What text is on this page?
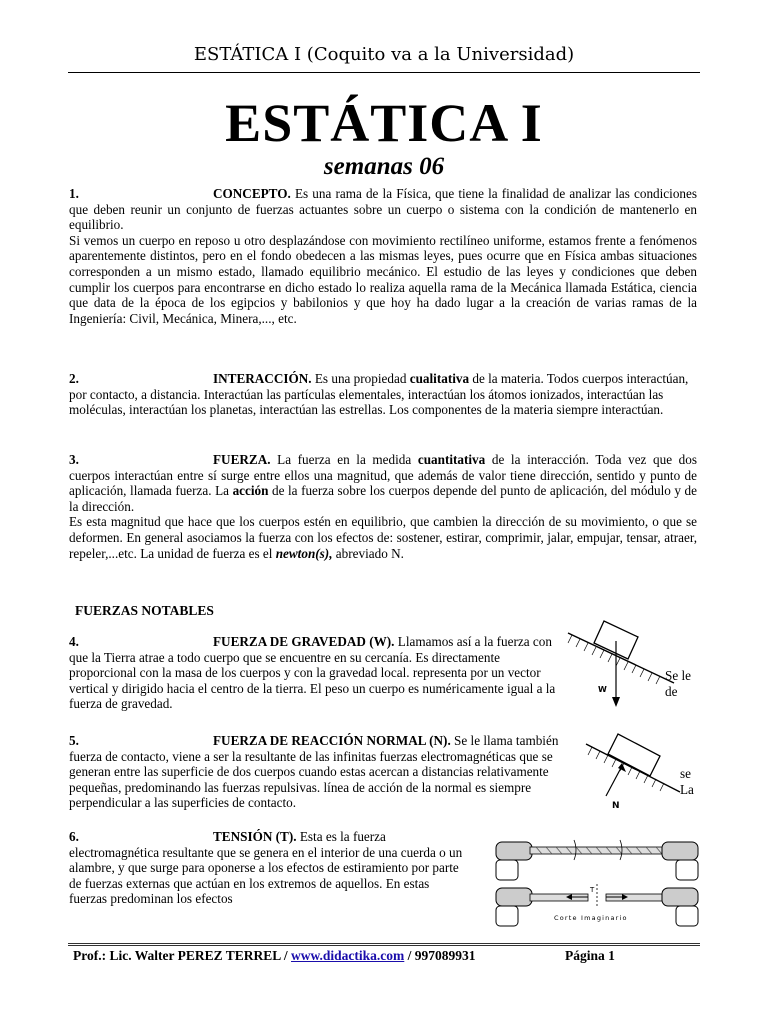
ESTÁTICA I (Coquito va a la Universidad)
ESTÁTICA I
semanas 06

1.	CONCEPTO. Es una rama de la Física, que tiene la finalidad de analizar las condiciones que deben reunir un conjunto de fuerzas actuantes sobre un cuerpo o sistema con la condición de mantenerlo en equilibrio.

Si vemos un cuerpo en reposo u otro desplazándose con movimiento rectilíneo uniforme, estamos frente a fenómenos aparentemente distintos, pero en el fondo obedecen a las mismas leyes, pues ocurre que en Física ambas situaciones corresponden a un mismo estado, llamado equilibrio mecánico. El estudio de las leyes y condiciones que deben cumplir los cuerpos para encontrarse en dicho estado lo realiza aquella rama de la Mecánica llamada Estática, ciencia que data de la época de los egipcios y babilonios y que hoy ha dado lugar a la creación de varias ramas de la Ingeniería: Civil, Mecánica, Minera,..., etc.

2.	INTERACCIÓN. Es una propiedad cualitativa de la materia. Todos cuerpos interactúan, por contacto, a distancia. Interactúan las partículas elementales, interactúan los átomos ionizados, interactúan las moléculas, interactúan los planetas, interactúan las estrellas. Los componentes de la materia siempre interactúan.

3.	FUERZA. La fuerza en la medida cuantitativa de la interacción. Toda vez que dos cuerpos interactúan entre sí surge entre ellos una magnitud, que además de valor tiene dirección, sentido y punto de aplicación, llamada fuerza. La acción de la fuerza sobre los cuerpos depende del punto de aplicación, del módulo y de la dirección.

Es esta magnitud que hace que los cuerpos estén en equilibrio, que cambien la dirección de su movimiento, o que se deformen. En general asociamos la fuerza con los efectos de: sostener, estirar, comprimir, jalar, empujar, tensar, atraer, repeler,...etc. La unidad de fuerza es el newton(s), abreviado N.

FUERZAS NOTABLES

4.	FUERZA DE GRAVEDAD (W). Llamamos así a la fuerza con que la Tierra atrae a todo cuerpo que se encuentre en su cercanía. Es directamente proporcional con la masa de los cuerpos y con la gravedad local. representa por un vector vertical y dirigido hacia el centro de la tierra. El peso un cuerpo es numéricamente igual a la fuerza de gravedad.

Se le
de
W

5.	FUERZA DE REACCIÓN NORMAL (N). Se le llama también fuerza de contacto, viene a ser la resultante de las infinitas fuerzas electromagnéticas que se generan entre las superficie de dos cuerpos cuando estas acercan a distancias relativamente pequeñas, predominando las fuerzas repulsivas. línea de acción de la normal es siempre perpendicular a las superficies de contacto.

se
La
N

6.	TENSIÓN (T). Esta es la fuerza electromagnética resultante que se genera en el interior de una cuerda o un alambre, y que surge para oponerse a los efectos de estiramiento por parte de fuerzas externas que actúan en los extremos de aquellos. En estas fuerzas predominan los efectos

T
Corte Imaginario
Prof.: Lic. Walter PEREZ TERREL / www.didactika.com / 997089931	Página 1
